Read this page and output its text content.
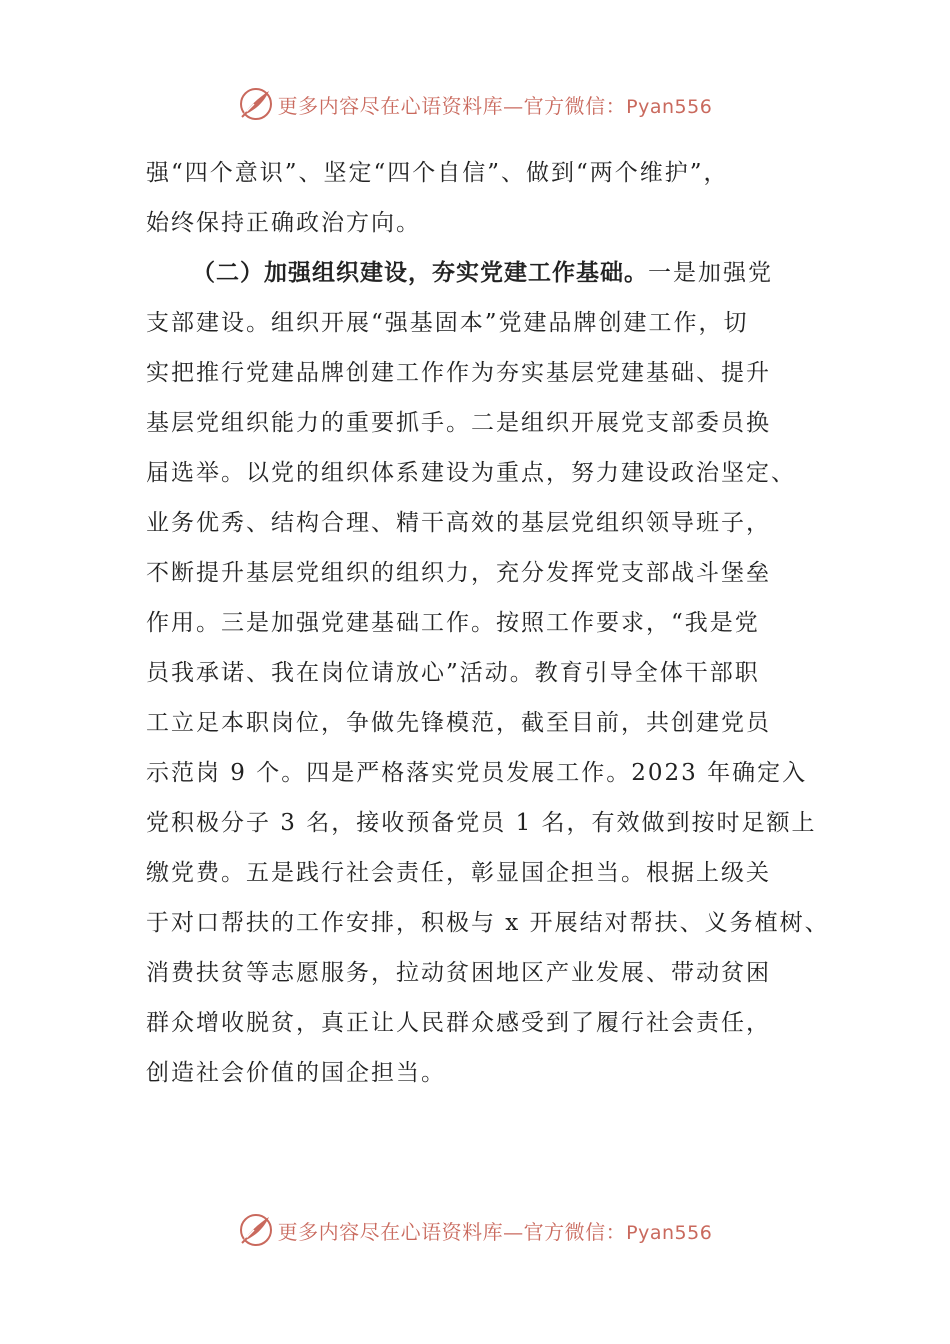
更多内容尽在心语资料库—官方微信：Pyan556
强“四个意识”、坚定“四个自信”、做到“两个维护”，
始终保持正确政治方向。
（二）加强组织建设，夯实党建工作基础。一是加强党
支部建设。组织开展“强基固本”党建品牌创建工作，切
实把推行党建品牌创建工作作为夯实基层党建基础、提升
基层党组织能力的重要抓手。二是组织开展党支部委员换
届选举。以党的组织体系建设为重点，努力建设政治坚定、
业务优秀、结构合理、精干高效的基层党组织领导班子，
不断提升基层党组织的组织力，充分发挥党支部战斗堡垒
作用。三是加强党建基础工作。按照工作要求，“我是党
员我承诺、我在岗位请放心”活动。教育引导全体干部职
工立足本职岗位，争做先锋模范，截至目前，共创建党员
示范岗 9 个。四是严格落实党员发展工作。2023 年确定入
党积极分子 3 名，接收预备党员 1 名，有效做到按时足额上
缴党费。五是践行社会责任，彰显国企担当。根据上级关
于对口帮扶的工作安排，积极与 x 开展结对帮扶、义务植树、
消费扶贫等志愿服务，拉动贫困地区产业发展、带动贫困
群众增收脱贫，真正让人民群众感受到了履行社会责任，
创造社会价值的国企担当。
更多内容尽在心语资料库—官方微信：Pyan556
